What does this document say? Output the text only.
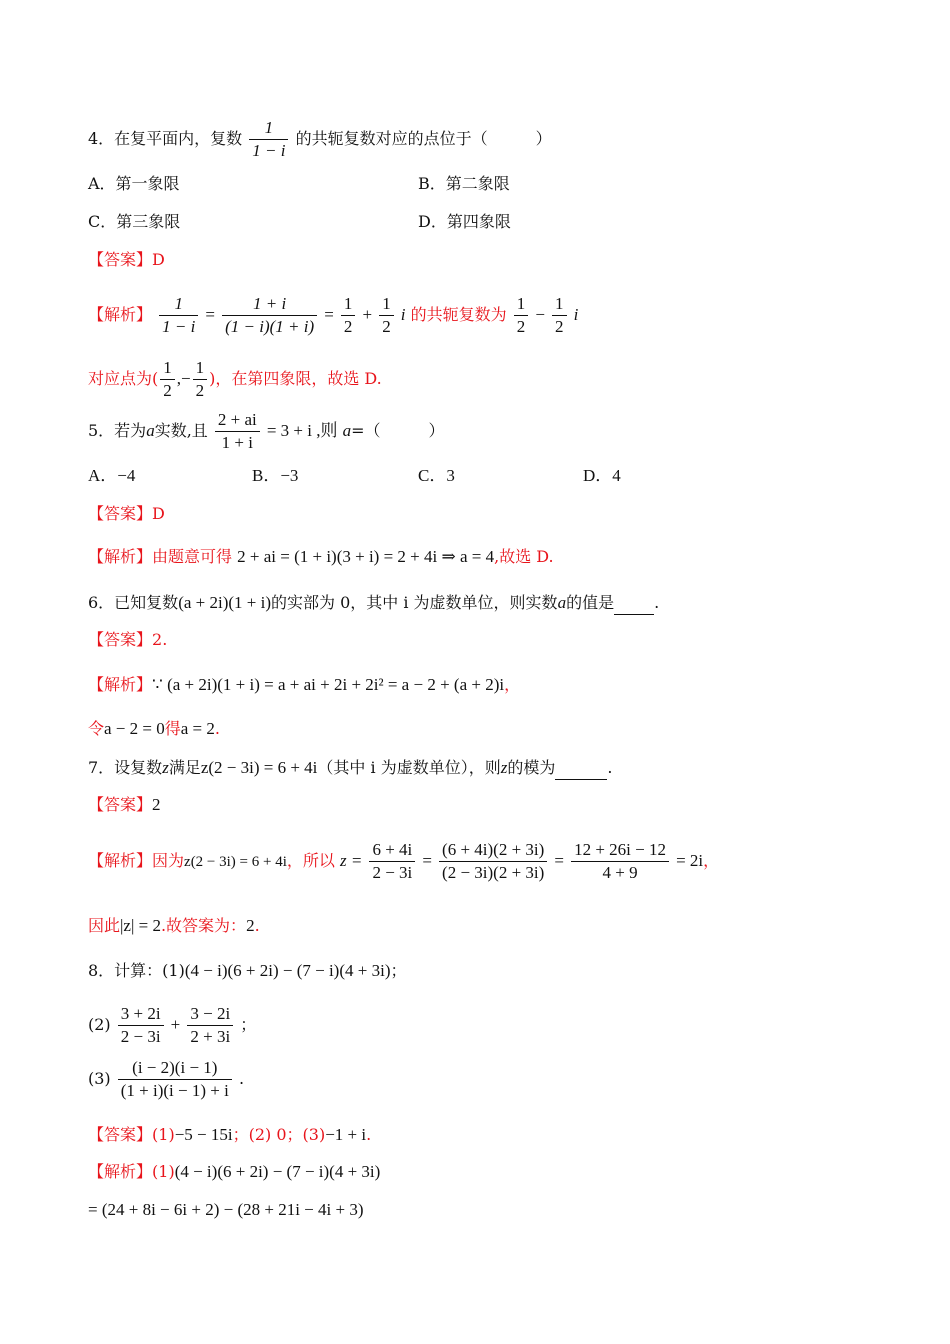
4．在复平面内，复数 $\frac{1}{1 - i}$ 的共轭复数对应的点位于（　　　）
A．第一象限	B．第二象限
C．第三象限	D．第四象限
【答案】D
【解析】 $\frac{1}{1 - i} = \frac{1 + i}{(1 - i)(1 + i)} = \frac{1}{2} + \frac{1}{2}$ i 的共轭复数为 $\frac{1}{2} - \frac{1}{2}$ i
对应点为( $\frac{1}{2}$ ,− $\frac{1}{2}$ )，在第四象限，故选 D.
5．若为a实数,且 $\frac{2 + ai}{1 + i} = 3 + i$ ,则 a=（　　　）
A．−4	B．−3	C．3	D．4
【答案】D
【解析】由题意可得 2 + ai = (1 + i)(3 + i) = 2 + 4i ⇒ a = 4,故选 D.
6．已知复数(a + 2i)(1 + i)的实部为 0，其中 i 为虚数单位，则实数a的值是	.
【答案】2.
【解析】∵ (a + 2i)(1 + i) = a + ai + 2i + 2i² = a − 2 + (a + 2)i，
令a − 2 = 0得a = 2.
7．设复数z满足z(2 − 3i) = 6 + 4i（其中 i 为虚数单位），则z的模为	.
【答案】2
【解析】因为z(2 − 3i) = 6 + 4i，所以 $z = \frac{6 + 4i}{2 - 3i} = \frac{(6 + 4i)(2 + 3i)}{(2 - 3i)(2 + 3i)} = \frac{12 + 26i - 12}{4 + 9} = 2i$，
因此|z| = 2.故答案为：2.
8．计算：(1)(4 − i)(6 + 2i) − (7 − i)(4 + 3i)；
$(2) \frac{3 + 2i}{2 - 3i} + \frac{3 - 2i}{2 + 3i}$ ；
$(3) \frac{(i - 2)(i - 1)}{(1 + i)(i - 1) + i}$ .
【答案】(1)−5 − 15i；(2) 0；(3)−1 + i.
【解析】(1)(4 − i)(6 + 2i) − (7 − i)(4 + 3i)
= (24 + 8i − 6i + 2) − (28 + 21i − 4i + 3)
